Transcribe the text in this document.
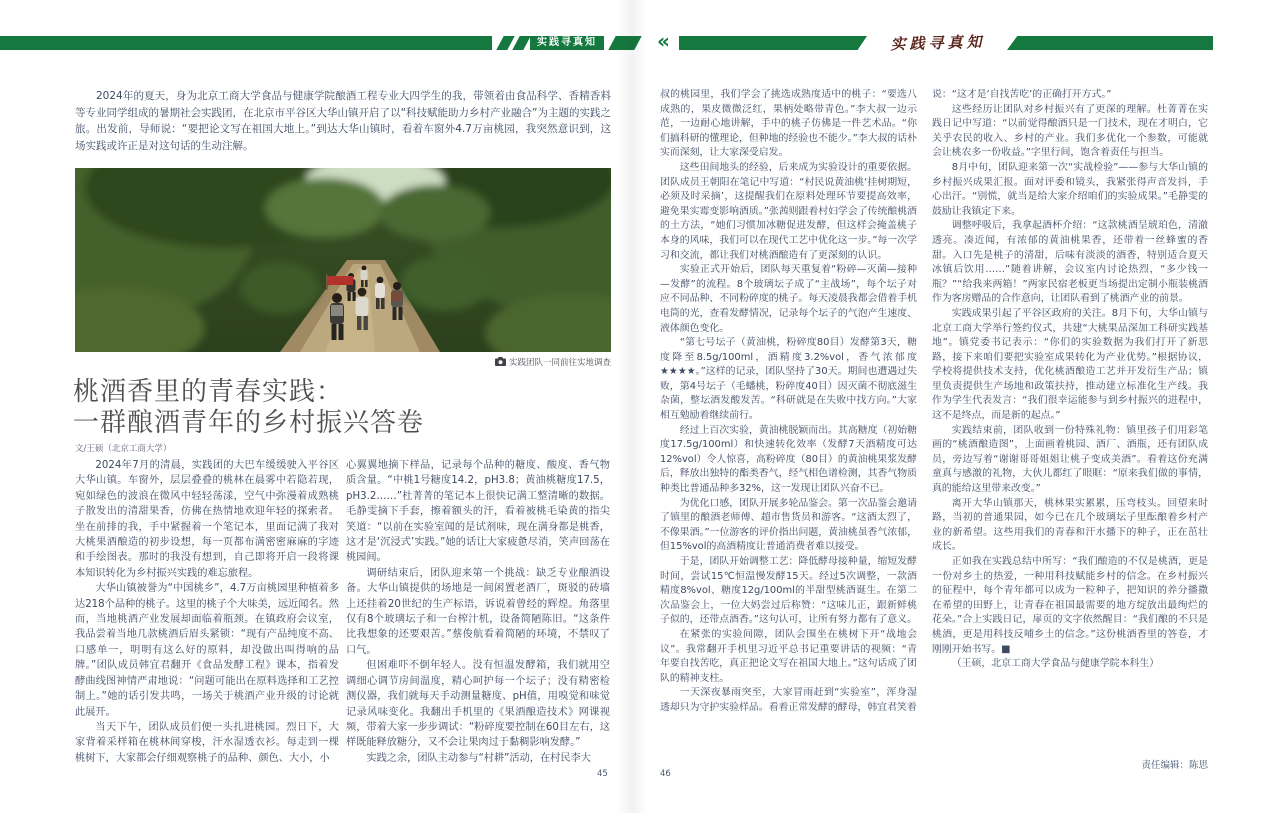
实践寻真知

2024年的夏天，身为北京工商大学食品与健康学院酿酒工程专业大四学生的我，带领着由食品科学、香精香料等专业同学组成的暑期社会实践团，在北京市平谷区大华山镇开启了以“科技赋能助力乡村产业融合”为主题的实践之旅。出发前，导师说：“要把论文写在祖国大地上。”到达大华山镇时，看着车窗外4.7万亩桃园，我突然意识到，这场实践或许正是对这句话的生动注解。

实践团队一同前往实地调查
桃酒香里的青春实践：
一群酿酒青年的乡村振兴答卷
文/王硕（北京工商大学）

2024年7月的清晨，实践团的大巴车缓缓驶入平谷区大华山镇。车窗外，层层叠叠的桃林在晨雾中若隐若现，宛如绿色的波浪在微风中轻轻荡漾，空气中弥漫着成熟桃子散发出的清甜果香，仿佛在热情地欢迎年轻的探索者。坐在前排的我，手中紧握着一个笔记本，里面记满了我对大桃果酒酿造的初步设想，每一页都布满密密麻麻的字迹和手绘图表。那时的我没有想到，自己即将开启一段将课本知识转化为乡村振兴实践的难忘旅程。

大华山镇被誉为“中国桃乡”，4.7万亩桃园里种植着多达218个品种的桃子。这里的桃子个大味美，远近闻名。然而，当地桃酒产业发展却面临着瓶颈。在镇政府会议室，我品尝着当地几款桃酒后眉头紧锁：“现有产品纯度不高、口感单一，明明有这么好的原料，却没做出叫得响的品牌。”团队成员韩宜君翻开《食品发酵工程》课本，指着发酵曲线图神情严肃地说：“问题可能出在原料选择和工艺控制上。”她的话引发共鸣，一场关于桃酒产业升级的讨论就此展开。

当天下午，团队成员们便一头扎进桃园。烈日下，大家背着采样箱在桃林间穿梭，汗水湿透衣衫。每走到一棵桃树下，大家都会仔细观察桃子的品种、颜色、大小，小

心翼翼地摘下样品，记录每个品种的糖度、酸度、香气物质含量。“中桃1号糖度14.2，pH3.8；黄油桃糖度17.5，pH3.2……”杜菁菁的笔记本上很快记满工整清晰的数据。毛静雯摘下手套，擦着额头的汗，看着被桃毛染黄的指尖笑道：“以前在实验室闻的是试剂味，现在满身都是桃香，这才是‘沉浸式’实践。”她的话让大家疲惫尽消，笑声回荡在桃园间。

调研结束后，团队迎来第一个挑战：缺乏专业酿酒设备。大华山镇提供的场地是一间闲置老酒厂，斑驳的砖墙上还挂着20世纪的生产标语，诉说着曾经的辉煌。角落里仅有8个玻璃坛子和一台榨汁机，设备简陋陈旧。“这条件比我想象的还要艰苦。”蔡俊航看着简陋的环境，不禁叹了口气。

但困难吓不倒年轻人。没有恒温发酵箱，我们就用空调细心调节房间温度，精心呵护每一个坛子；没有精密检测仪器，我们就每天手动测量糖度、pH值，用嗅觉和味觉记录风味变化。我翻出手机里的《果酒酿造技术》网课视频，带着大家一步步调试：“粉碎度要控制在60目左右，这样既能释放糖分，又不会让果肉过于黏稠影响发酵。”

实践之余，团队主动参与“村耕”活动，在村民李大

45
«	实践寻真知

叔的桃园里，我们学会了挑选成熟度适中的桃子：“要选八成熟的，果皮微微泛红，果柄处略带青色。”李大叔一边示范，一边耐心地讲解，手中的桃子仿佛是一件艺术品。“你们搞科研的懂理论，但种地的经验也不能少。”李大叔的话朴实而深刻，让大家深受启发。

这些田间地头的经验，后来成为实验设计的重要依据。团队成员王朝阳在笔记中写道：“村民说黄油桃‘挂树期短，必须及时采摘’，这提醒我们在原料处理环节要提高效率，避免果实霉变影响酒质。”张茜则跟着村妇学会了传统酿桃酒的土方法，“她们习惯加冰糖促进发酵，但这样会掩盖桃子本身的风味，我们可以在现代工艺中优化这一步。”每一次学习和交流，都让我们对桃酒酿造有了更深刻的认识。

实验正式开始后，团队每天重复着“粉碎—灭菌—接种—发酵”的流程。8个玻璃坛子成了“主战场”，每个坛子对应不同品种、不同粉碎度的桃子。每天凌晨我都会借着手机电筒的光，查看发酵情况，记录每个坛子的气泡产生速度、液体颜色变化。

“第七号坛子（黄油桃，粉碎度80目）发酵第3天，糖度降至8.5g/100ml，酒精度3.2%vol，香气浓郁度★★★★。”这样的记录，团队坚持了30天。期间也遭遇过失败，第4号坛子（毛蟠桃，粉碎度40目）因灭菌不彻底滋生杂菌，整坛酒发酸发苦。“科研就是在失败中找方向。”大家相互勉励着继续前行。

经过上百次实验，黄油桃脱颖而出。其高糖度（初始糖度17.5g/100ml）和快速转化效率（发酵7天酒精度可达12%vol）令人惊喜，高粉碎度（80目）的黄油桃果浆发酵后，释放出独特的酯类香气，经气相色谱检测，其香气物质种类比普通品种多32%，这一发现让团队兴奋不已。

为优化口感，团队开展多轮品鉴会。第一次品鉴会邀请了镇里的酿酒老师傅、超市售货员和游客。“这酒太烈了，不像果酒。”一位游客的评价指出问题，黄油桃虽香气浓郁，但15%vol的高酒精度让普通消费者难以接受。

于是，团队开始调整工艺：降低酵母接种量，缩短发酵时间，尝试15℃恒温慢发酵15天。经过5次调整，一款酒精度8%vol、糖度12g/100ml的半甜型桃酒诞生。在第二次品鉴会上，一位大妈尝过后称赞：“这味儿正，跟新鲜桃子似的，还带点酒香。”这句认可，让所有努力都有了意义。

在紧张的实验间隙，团队会围坐在桃树下开“战地会议”。我常翻开手机里习近平总书记重要讲话的视频：“青年要自找苦吃，真正把论文写在祖国大地上。”这句话成了团队的精神支柱。

一天深夜暴雨突至，大家冒雨赶到“实验室”，浑身湿透却只为守护实验样品。看着正常发酵的酵母，韩宜君笑着

说：“这才是‘自找苦吃’的正确打开方式。”

这些经历让团队对乡村振兴有了更深的理解。杜菁菁在实践日记中写道：“以前觉得酿酒只是一门技术，现在才明白，它关乎农民的收入、乡村的产业。我们多优化一个参数，可能就会让桃农多一份收益。”字里行间，饱含着责任与担当。

8月中旬，团队迎来第一次“实战检验”——参与大华山镇的乡村振兴成果汇报。面对评委和镜头，我紧张得声音发抖，手心出汗。“别慌，就当是给大家介绍咱们的实验成果。”毛静雯的鼓励让我镇定下来。

调整呼吸后，我拿起酒杯介绍：“这款桃酒呈琥珀色，清澈透亮。凑近闻，有浓郁的黄油桃果香，还带着一丝蜂蜜的香甜。入口先是桃子的清甜，后味有淡淡的酒香，特别适合夏天冰镇后饮用……”随着讲解，会议室内讨论热烈，“多少钱一瓶？”“给我来两箱！”两家民宿老板更当场提出定制小瓶装桃酒作为客房赠品的合作意向，让团队看到了桃酒产业的前景。

实践成果引起了平谷区政府的关注。8月下旬，大华山镇与北京工商大学举行签约仪式，共建“大桃果品深加工科研实践基地”。镇党委书记表示：“你们的实验数据为我们打开了新思路，接下来咱们要把实验室成果转化为产业优势。”根据协议，学校将提供技术支持，优化桃酒酿造工艺并开发衍生产品；镇里负责提供生产场地和政策扶持，推动建立标准化生产线。我作为学生代表发言：“我们很幸运能参与到乡村振兴的进程中，这不是终点，而是新的起点。”

实践结束前，团队收到一份特殊礼物：镇里孩子们用彩笔画的“桃酒酿造图”，上面画着桃园、酒厂、酒瓶，还有团队成员，旁边写着“谢谢哥哥姐姐让桃子变成美酒”。看着这份充满童真与感激的礼物，大伙儿都红了眼眶：“原来我们做的事情，真的能给这里带来改变。”

离开大华山镇那天，桃林果实累累，压弯枝头。回望来时路，当初的普通果园，如今已在几个玻璃坛子里酝酿着乡村产业的新希望。这些用我们的青春和汗水播下的种子，正在茁壮成长。

正如我在实践总结中所写：“我们酿造的不仅是桃酒，更是一份对乡土的热爱，一种用科技赋能乡村的信念。在乡村振兴的征程中，每个青年都可以成为一粒种子，把知识的养分播撒在希望的田野上，让青春在祖国最需要的地方绽放出最绚烂的花朵。”合上实践日记，扉页的文字依然醒目：“我们酿的不只是桃酒，更是用科技反哺乡土的信念。”这份桃酒香里的答卷，才刚刚开始书写。■

（王硕，北京工商大学食品与健康学院本科生）

责任编辑：陈思
46
